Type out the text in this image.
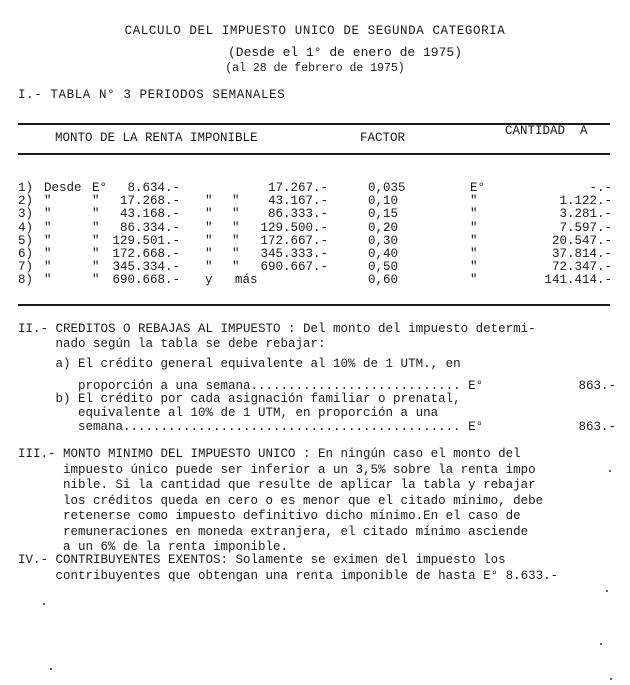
CALCULO DEL IMPUESTO UNICO DE SEGUNDA CATEGORIA
(Desde el 1° de enero de 1975)
(al 28 de febrero de 1975)
I.- TABLA N° 3 PERIODOS SEMANALES
MONTO DE LA RENTA IMPONIBLE	FACTOR	CANTIDAD  A
1) Desde E° 8.634.-	17.267.-	0,035	E°	-.-
2) "	" 17.268.- " " 43.167.-	0,10	"	1.122.-
3) "	" 43.168.- " " 86.333.-	0,15	"	3.281.-
4) "	" 86.334.- " " 129.500.-	0,20	"	7.597.-
5) "	" 129.501.- " " 172.667.-	0,30	"	20.547.-
6) "	" 172.668.- " " 345.333.-	0,40	"	37.814.-
7) "	" 345.334.- " " 690.667.-	0,50	"	72.347.-
8) "	" 690.668.- y más	0,60	"	141.414.-
II.- CREDITOS O REBAJAS AL IMPUESTO : Del monto del impuesto determi-
nado según la tabla se debe rebajar:
a) El crédito general equivalente al 10% de 1 UTM., en
proporción a una semana............................ E°
b) El crédito por cada asignación familiar o prenatal,
equivalente al 10% de 1 UTM, en proporción a una
semana............................................. E°
863.-
863.-
III.- MONTO MINIMO DEL IMPUESTO UNICO : En ningún caso el monto del
impuesto único puede ser inferior a un 3,5% sobre la renta impo
nible. Si la cantidad que resulte de aplicar la tabla y rebajar
los créditos queda en cero o es menor que el citado mínimo, debe
retenerse como impuesto definitivo dicho mínimo.En el caso de
remuneraciones en moneda extranjera, el citado mínimo asciende
a un 6% de la renta imponible.
IV.- CONTRIBUYENTES EXENTOS: Solamente se eximen del impuesto los
contribuyentes que obtengan una renta imponible de hasta E° 8.633.-
